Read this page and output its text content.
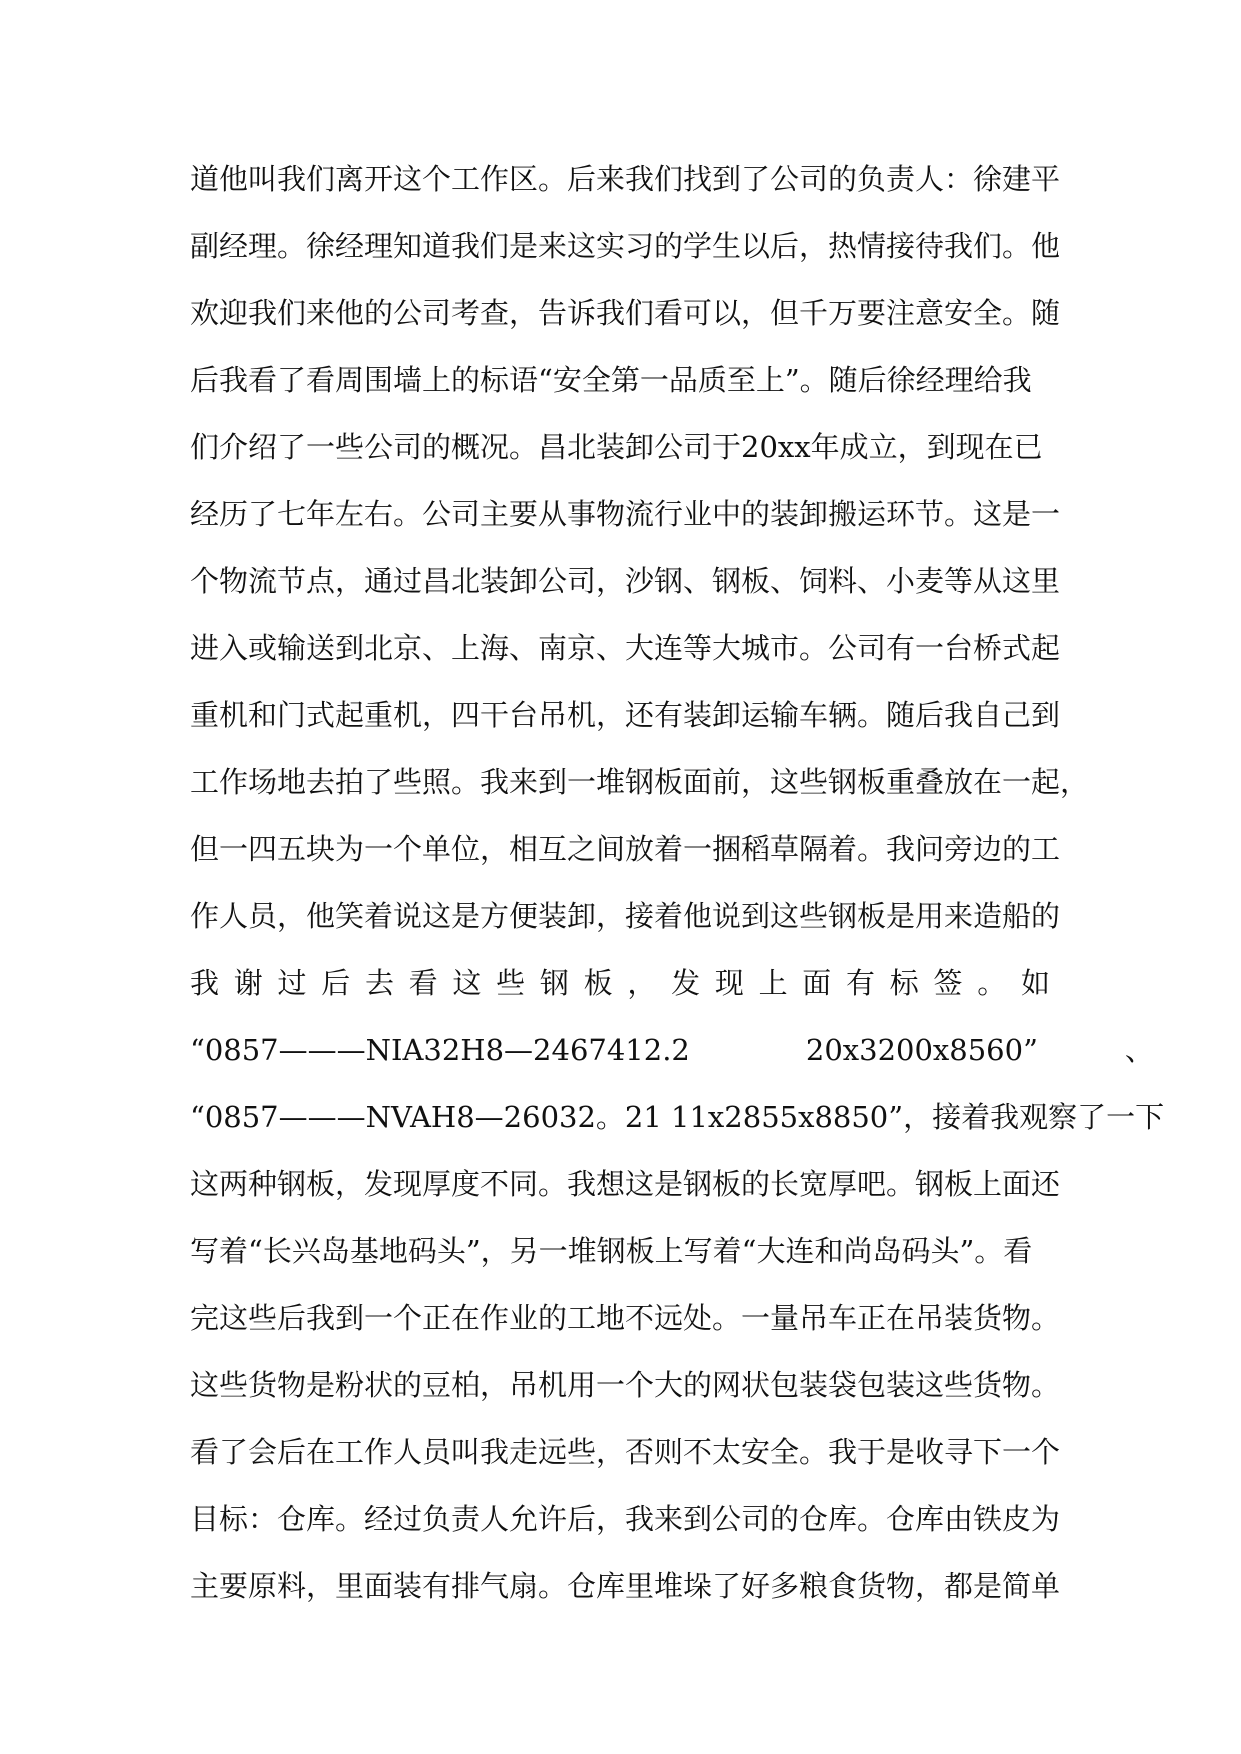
道他叫我们离开这个工作区。后来我们找到了公司的负责人：徐建平
副经理。徐经理知道我们是来这实习的学生以后，热情接待我们。他
欢迎我们来他的公司考查，告诉我们看可以，但千万要注意安全。随
后我看了看周围墙上的标语“安全第一品质至上”。随后徐经理给我
们介绍了一些公司的概况。昌北装卸公司于20xx年成立，到现在已
经历了七年左右。公司主要从事物流行业中的装卸搬运环节。这是一
个物流节点，通过昌北装卸公司，沙钢、钢板、饲料、小麦等从这里
进入或输送到北京、上海、南京、大连等大城市。公司有一台桥式起
重机和门式起重机，四干台吊机，还有装卸运输车辆。随后我自己到
工作场地去拍了些照。我来到一堆钢板面前，这些钢板重叠放在一起，
但一四五块为一个单位，相互之间放着一捆稻草隔着。我问旁边的工
作人员，他笑着说这是方便装卸，接着他说到这些钢板是用来造船的
我 谢 过 后 去 看 这 些 钢 板 ， 发 现 上 面 有 标 签 。 如
“0857———NIA32H8—2467412.2　　　　20x3200x8560”　　　、
“0857———NVAH8—26032。21 11x2855x8850”，接着我观察了一下
这两种钢板，发现厚度不同。我想这是钢板的长宽厚吧。钢板上面还
写着“长兴岛基地码头”，另一堆钢板上写着“大连和尚岛码头”。看
完这些后我到一个正在作业的工地不远处。一量吊车正在吊装货物。
这些货物是粉状的豆柏，吊机用一个大的网状包装袋包装这些货物。
看了会后在工作人员叫我走远些，否则不太安全。我于是收寻下一个
目标：仓库。经过负责人允许后，我来到公司的仓库。仓库由铁皮为
主要原料，里面装有排气扇。仓库里堆垛了好多粮食货物，都是简单
